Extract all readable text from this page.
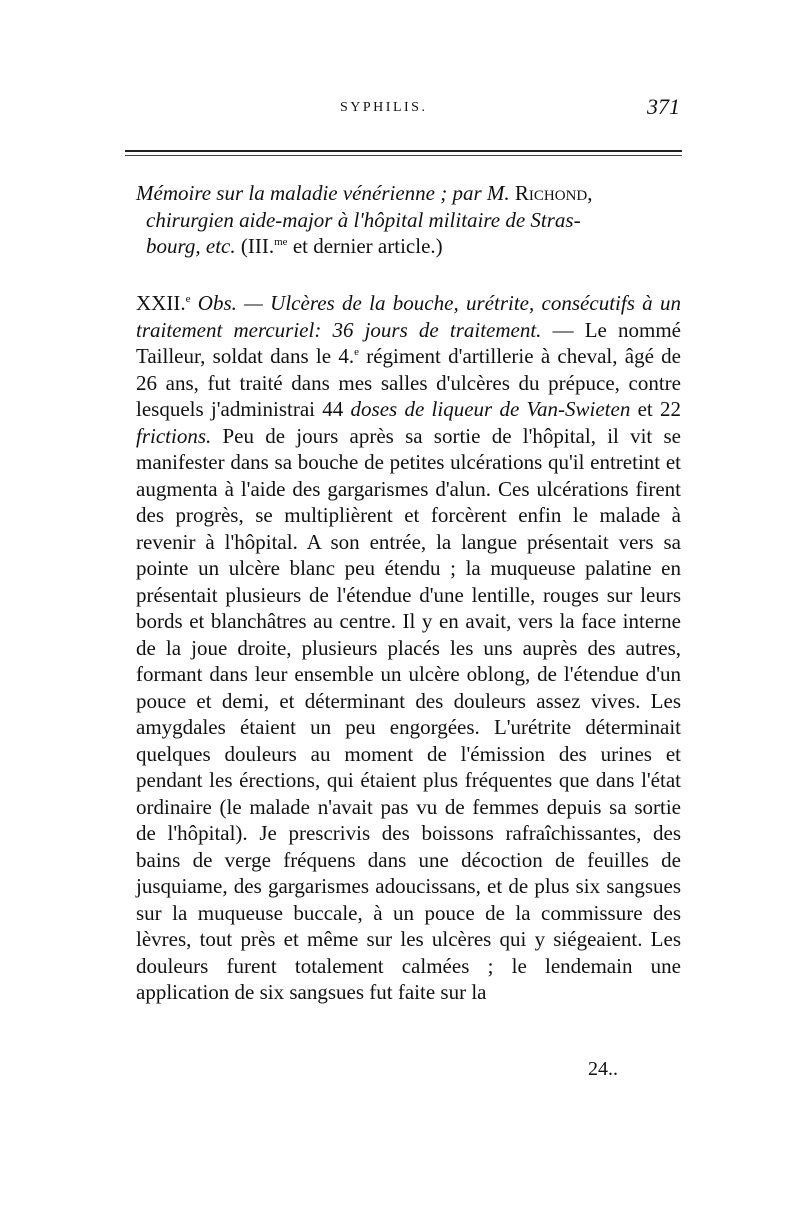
SYPHILIS.	371
Mémoire sur la maladie vénérienne ; par M. Richond,
chirurgien aide-major à l'hôpital militaire de Stras-
bourg, etc. (III.$^{me}$ et dernier article.)

XXII.$^e$ Obs. — Ulcères de la bouche, urétrite, consécutifs à un traitement mercuriel: 36 jours de traitement. — Le nommé Tailleur, soldat dans le 4.$^e$ régiment d'artillerie à cheval, âgé de 26 ans, fut traité dans mes salles d'ulcères du prépuce, contre lesquels j'administrai 44 doses de liqueur de Van-Swieten et 22 frictions. Peu de jours après sa sortie de l'hôpital, il vit se manifester dans sa bouche de petites ulcérations qu'il entretint et augmenta à l'aide des gargarismes d'alun. Ces ulcérations firent des progrès, se multiplièrent et forcèrent enfin le malade à revenir à l'hôpital. A son entrée, la langue présentait vers sa pointe un ulcère blanc peu étendu ; la muqueuse palatine en présentait plusieurs de l'étendue d'une lentille, rouges sur leurs bords et blanchâtres au centre. Il y en avait, vers la face interne de la joue droite, plusieurs placés les uns auprès des autres, formant dans leur ensemble un ulcère oblong, de l'étendue d'un pouce et demi, et déterminant des douleurs assez vives. Les amygdales étaient un peu engorgées. L'urétrite déterminait quelques douleurs au moment de l'émission des urines et pendant les érections, qui étaient plus fréquentes que dans l'état ordinaire (le malade n'avait pas vu de femmes depuis sa sortie de l'hôpital). Je prescrivis des boissons rafraîchissantes, des bains de verge fréquens dans une décoction de feuilles de jusquiame, des gargarismes adoucissans, et de plus six sangsues sur la muqueuse buccale, à un pouce de la commissure des lèvres, tout près et même sur les ulcères qui y siégeaient. Les douleurs furent totalement calmées ; le lendemain une application de six sangsues fut faite sur la

24..
